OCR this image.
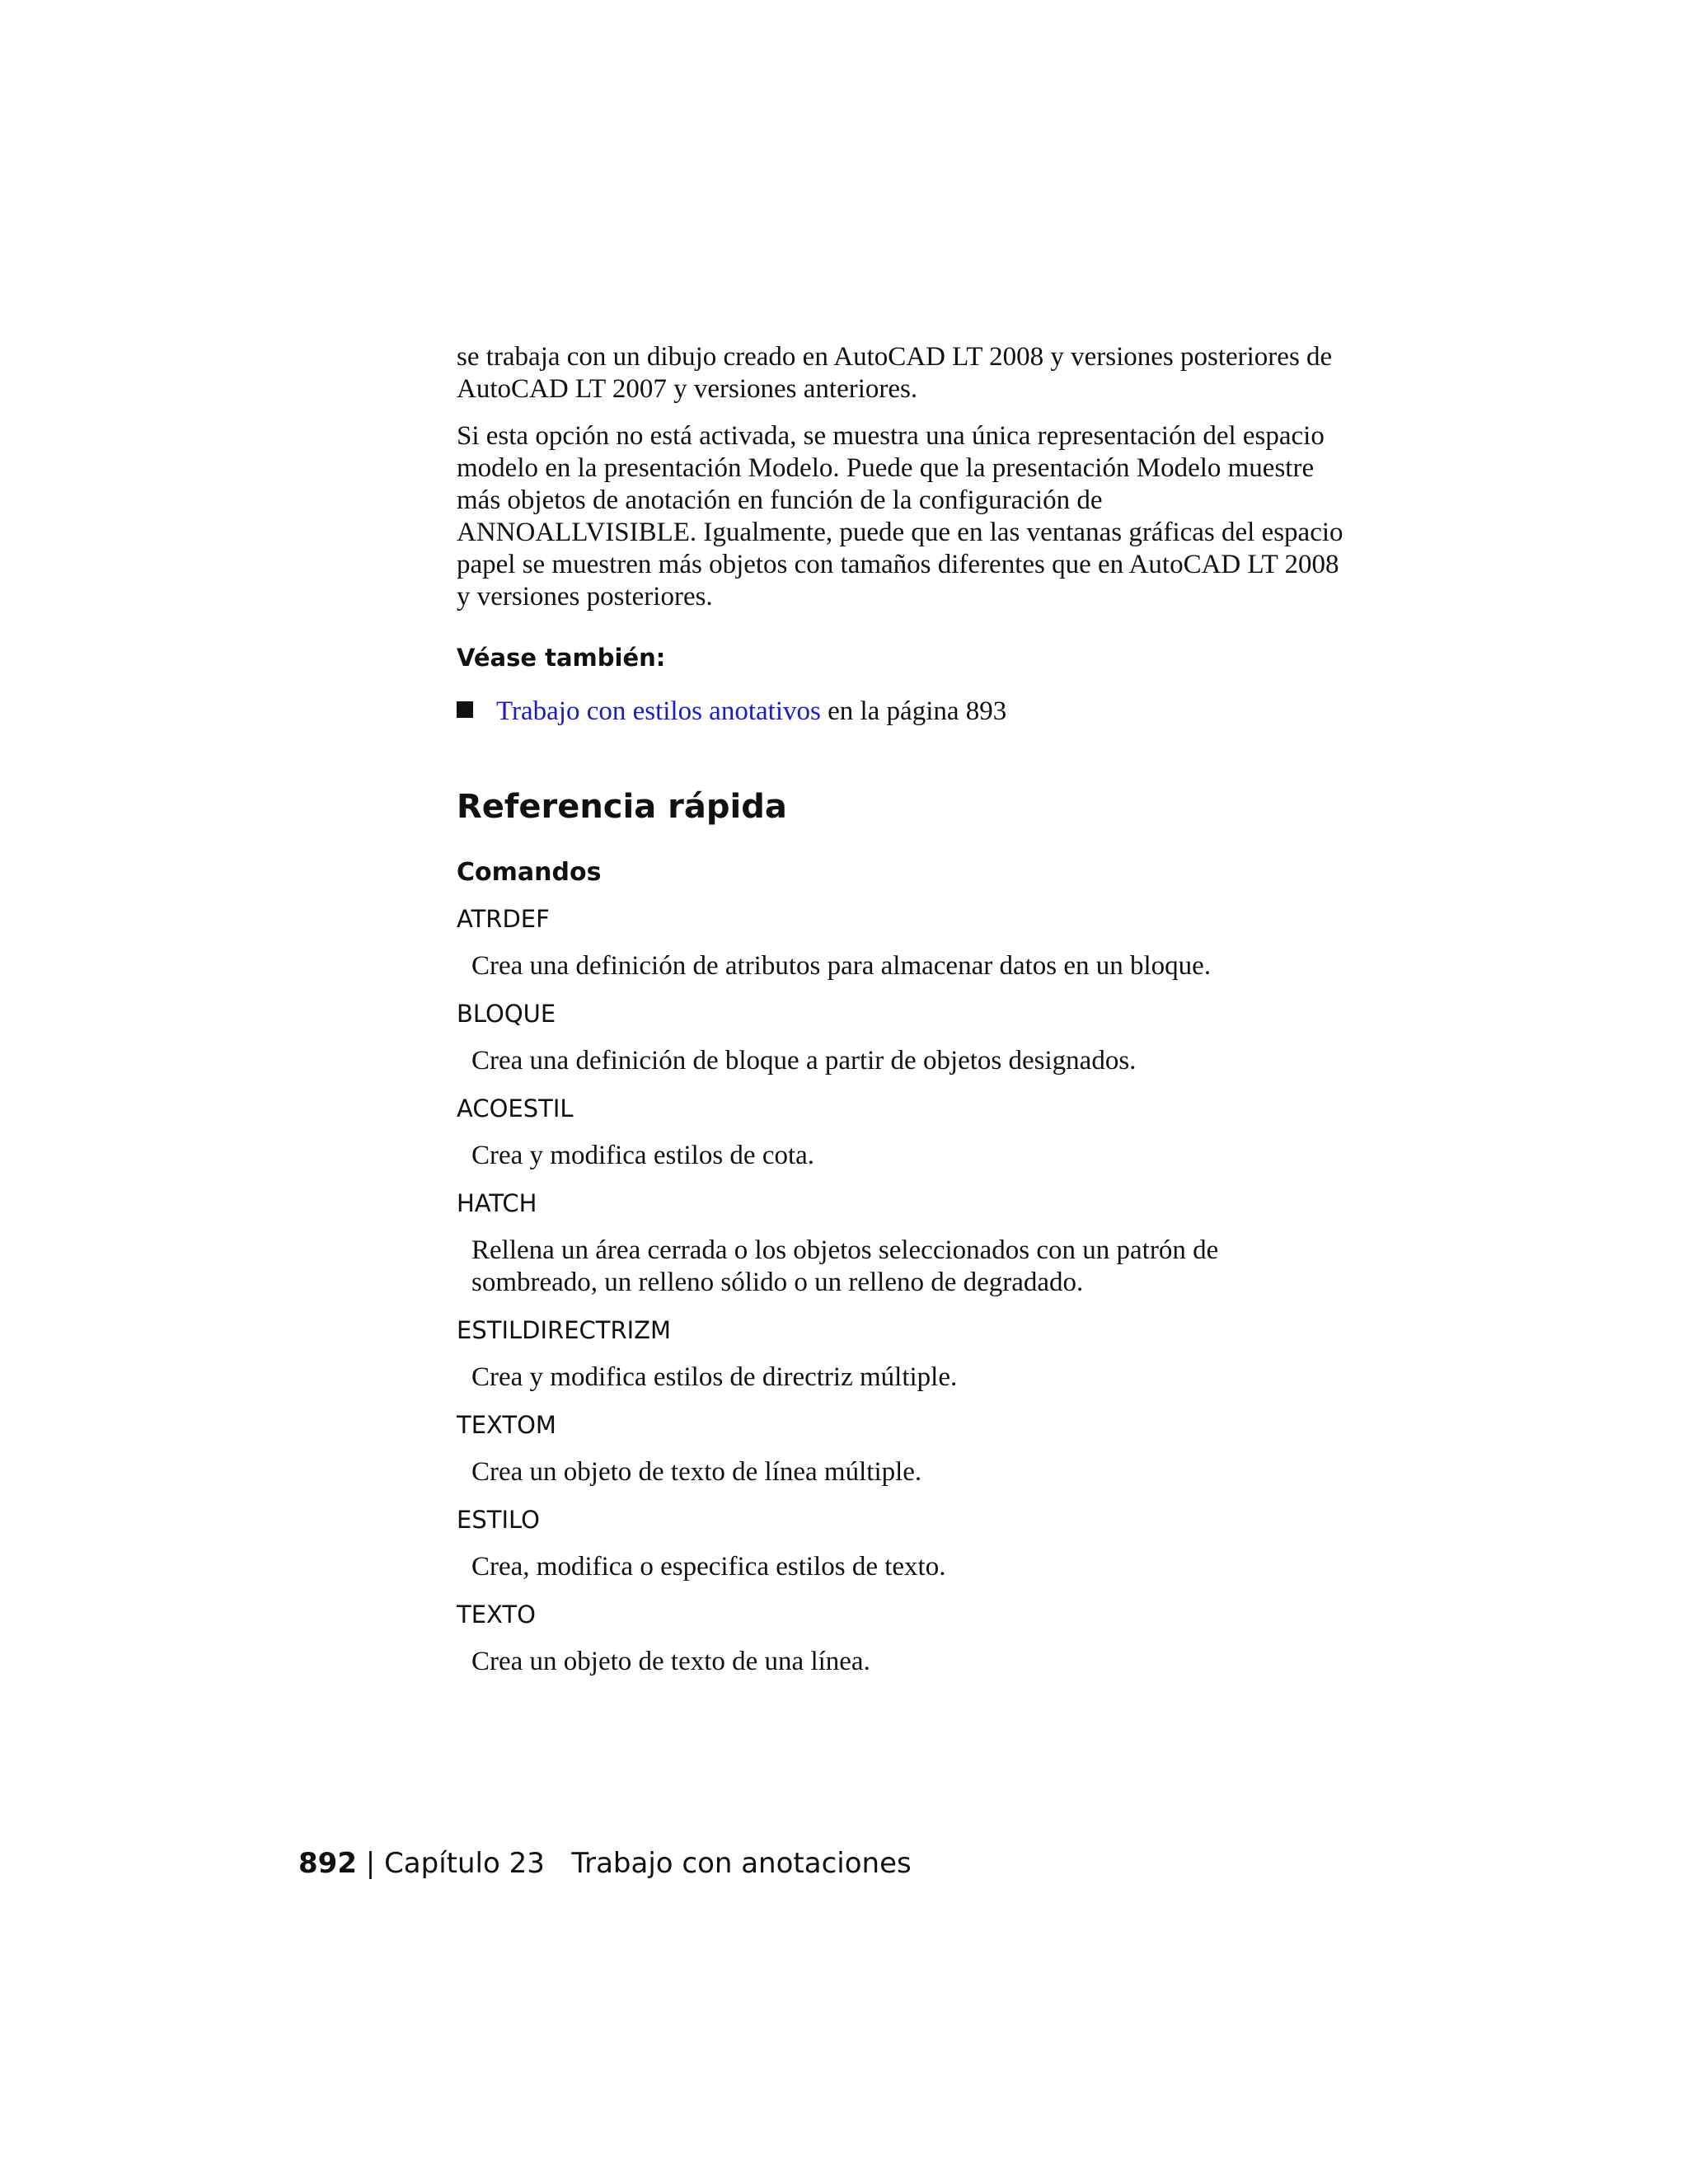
se trabaja con un dibujo creado en AutoCAD LT 2008 y versiones posteriores de AutoCAD LT 2007 y versiones anteriores.

Si esta opción no está activada, se muestra una única representación del espacio modelo en la presentación Modelo. Puede que la presentación Modelo muestre más objetos de anotación en función de la configuración de ANNOALLVISIBLE. Igualmente, puede que en las ventanas gráficas del espacio papel se muestren más objetos con tamaños diferentes que en AutoCAD LT 2008 y versiones posteriores.

Véase también:
Trabajo con estilos anotativos en la página 893
Referencia rápida
Comandos
ATRDEF

Crea una definición de atributos para almacenar datos en un bloque.

BLOQUE

Crea una definición de bloque a partir de objetos designados.

ACOESTIL

Crea y modifica estilos de cota.

HATCH

Rellena un área cerrada o los objetos seleccionados con un patrón de sombreado, un relleno sólido o un relleno de degradado.

ESTILDIRECTRIZM

Crea y modifica estilos de directriz múltiple.

TEXTOM

Crea un objeto de texto de línea múltiple.

ESTILO

Crea, modifica o especifica estilos de texto.

TEXTO

Crea un objeto de texto de una línea.

892 | Capítulo 23 Trabajo con anotaciones
